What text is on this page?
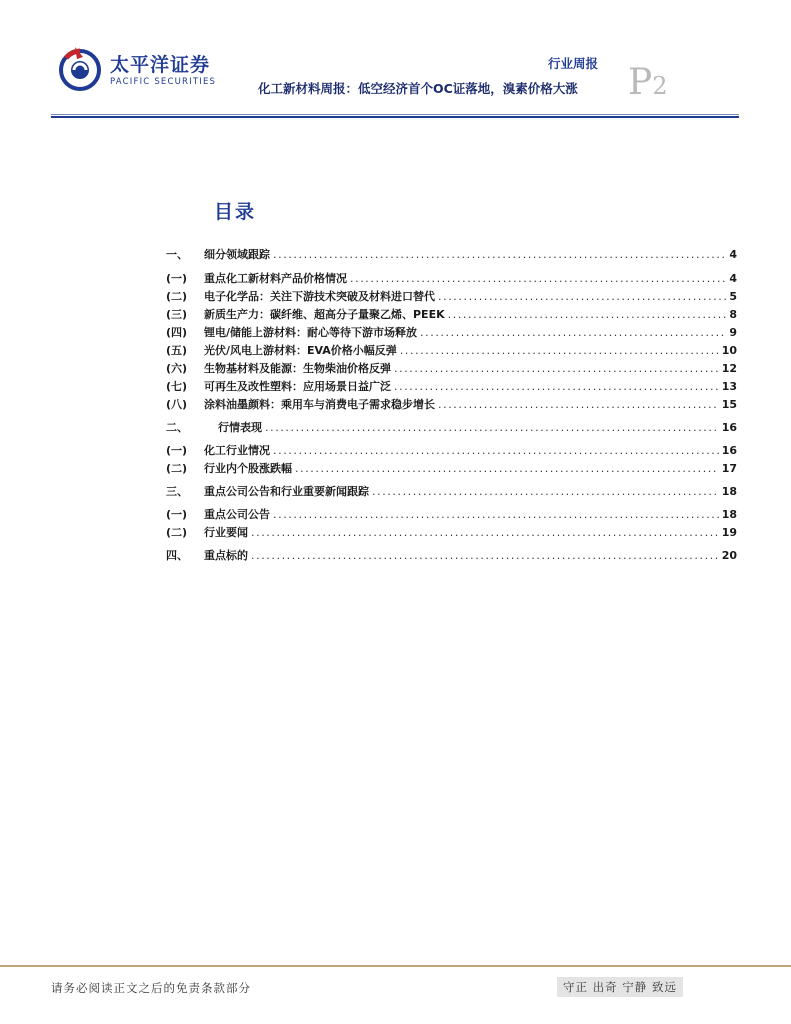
太平洋证券
PACIFIC SECURITIES
行业周报
化工新材料周报：低空经济首个OC证落地，溴素价格大涨 P2
目录
一、	细分领域跟踪 .....	4
(一)	重点化工新材料产品价格情况 .....	4
(二)	电子化学品：关注下游技术突破及材料进口替代 .....	5
(三)	新质生产力：碳纤维、超高分子量聚乙烯、PEEK .....	8
(四)	锂电/储能上游材料：耐心等待下游市场释放 .....	9
(五)	光伏/风电上游材料：EVA价格小幅反弹 .....	10
(六)	生物基材料及能源：生物柴油价格反弹 .....	12
(七)	可再生及改性塑料：应用场景日益广泛 .....	13
(八)	涂料油墨颜料：乘用车与消费电子需求稳步增长 .....	15
二、	行情表现 .....	16
(一)	化工行业情况 .....	16
(二)	行业内个股涨跌幅 .....	17
三、	重点公司公告和行业重要新闻跟踪 .....	18
(一)	重点公司公告 .....	18
(二)	行业要闻 .....	19
四、	重点标的 .....	20
请务必阅读正文之后的免责条款部分	守正 出奇 宁静 致远
